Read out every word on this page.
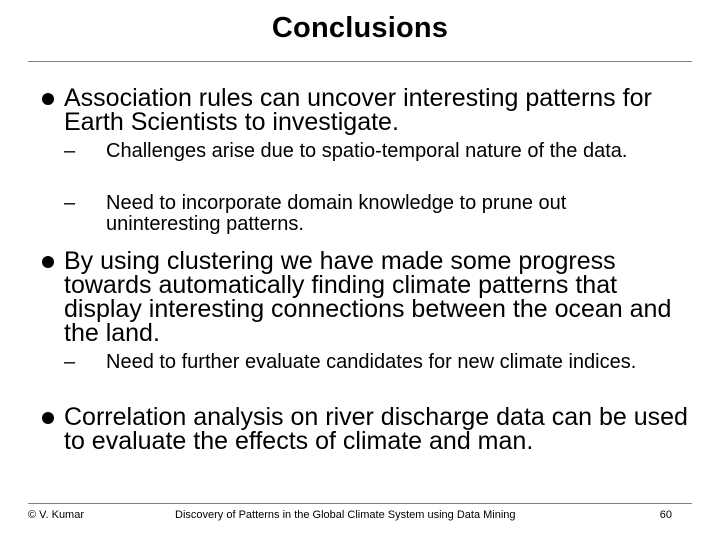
Conclusions
Association rules can uncover interesting patterns for Earth Scientists to investigate.
– Challenges arise due to spatio-temporal nature of the data.
– Need to incorporate domain knowledge to prune out uninteresting patterns.
By using clustering we have made some progress towards automatically finding climate patterns that display interesting connections between the ocean and the land.
– Need to further evaluate candidates for new climate indices.
Correlation analysis on river discharge data can be used to evaluate the effects of climate and man.
© V. Kumar	Discovery of Patterns in the Global Climate System using Data Mining	60
